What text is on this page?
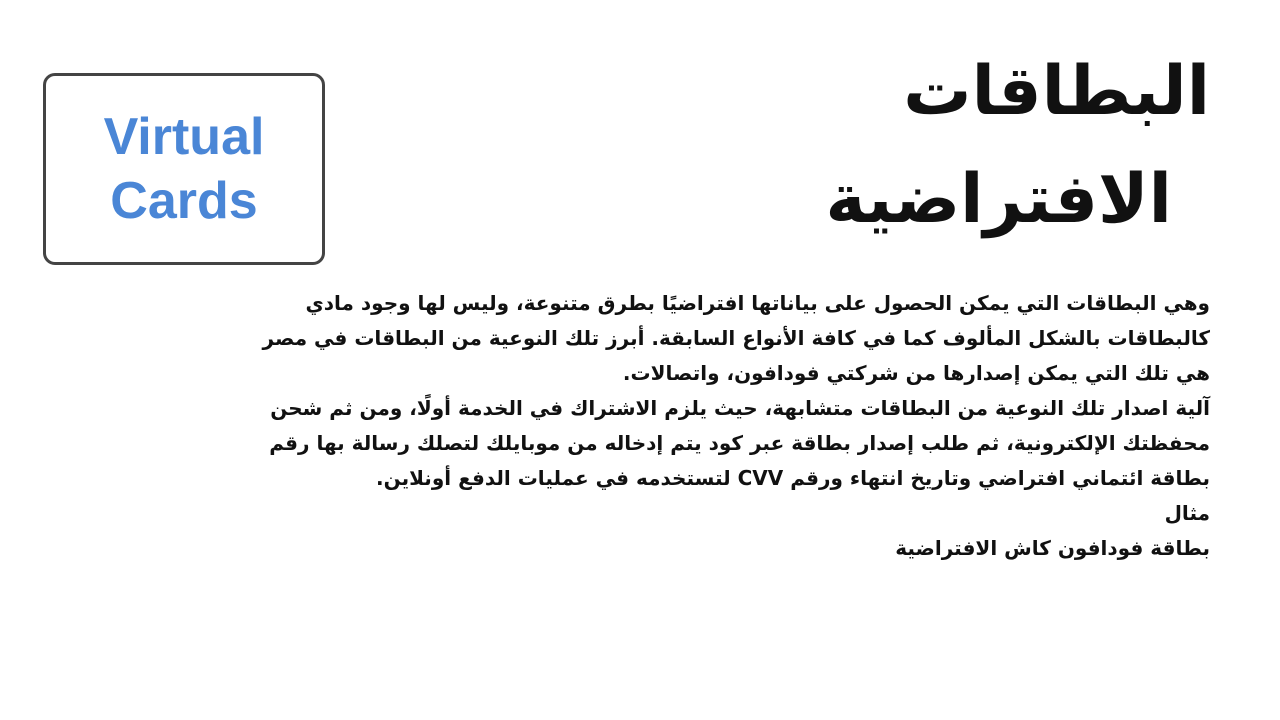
Virtual
Cards
البطاقات
الافتراضية

وهي البطاقات التي يمكن الحصول على بياناتها افتراضيًا بطرق متنوعة، وليس لها وجود مادي كالبطاقات بالشكل المألوف كما في كافة الأنواع السابقة. أبرز تلك النوعية من البطاقات في مصر هي تلك التي يمكن إصدارها من شركتي فودافون، واتصالات.

آلية اصدار تلك النوعية من البطاقات متشابهة، حيث يلزم الاشتراك في الخدمة أولًا، ومن ثم شحن محفظتك الإلكترونية، ثم طلب إصدار بطاقة عبر كود يتم إدخاله من موبايلك لتصلك رسالة بها رقم بطاقة ائتماني افتراضي وتاريخ انتهاء ورقم CVV لتستخدمه في عمليات الدفع أونلاين.

مثال

بطاقة فودافون كاش الافتراضية
